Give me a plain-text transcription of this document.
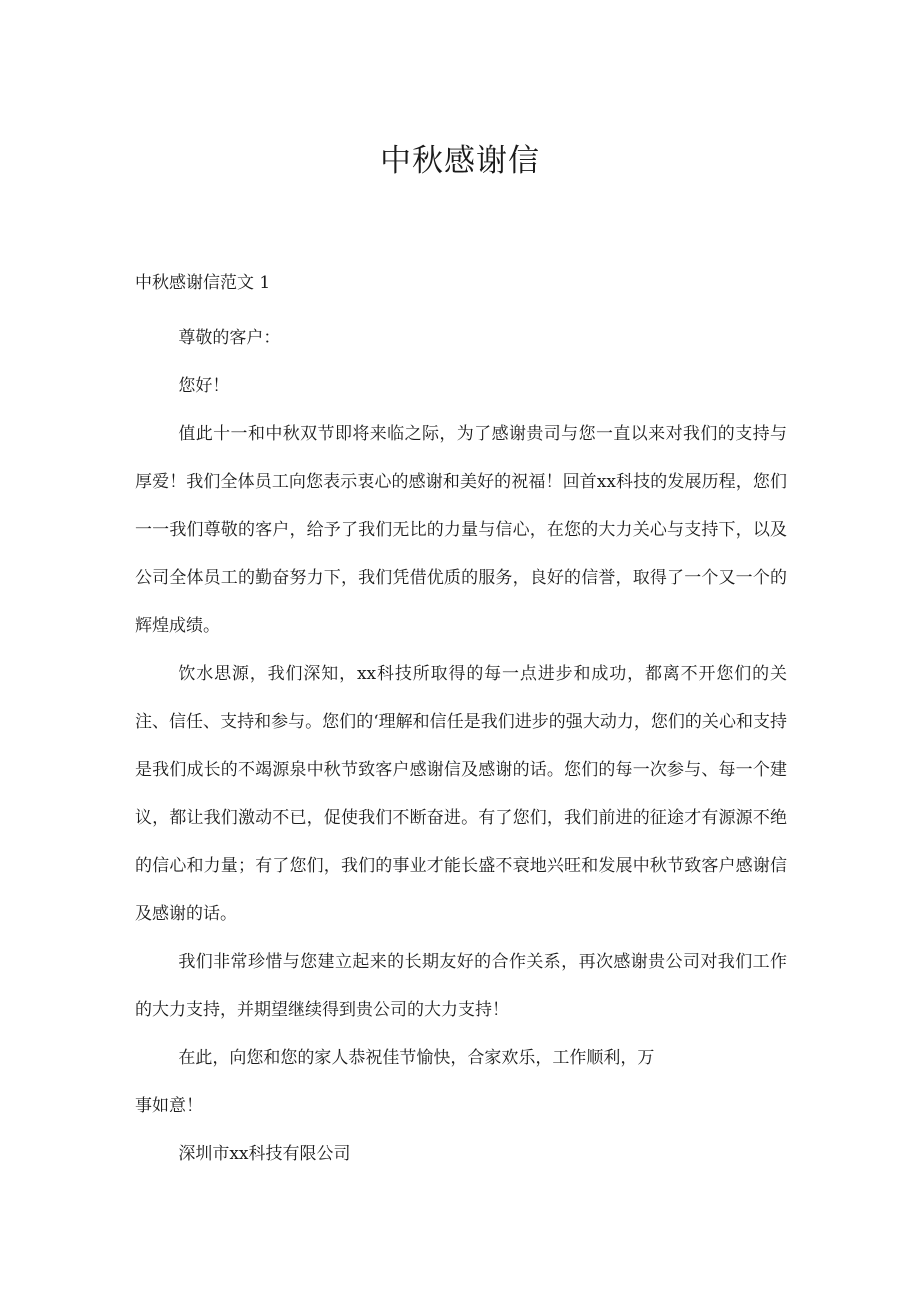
中秋感谢信

中秋感谢信范文 1

尊敬的客户：

您好！

值此十一和中秋双节即将来临之际，为了感谢贵司与您一直以来对我们的支持与厚爱！我们全体员工向您表示衷心的感谢和美好的祝福！回首xx科技的发展历程，您们一一我们尊敬的客户，给予了我们无比的力量与信心，在您的大力关心与支持下，以及公司全体员工的勤奋努力下，我们凭借优质的服务，良好的信誉，取得了一个又一个的辉煌成绩。

饮水思源，我们深知，xx科技所取得的每一点进步和成功，都离不开您们的关注、信任、支持和参与。您们的‘理解和信任是我们进步的强大动力，您们的关心和支持是我们成长的不竭源泉中秋节致客户感谢信及感谢的话。您们的每一次参与、每一个建议，都让我们激动不已，促使我们不断奋进。有了您们，我们前进的征途才有源源不绝的信心和力量；有了您们，我们的事业才能长盛不衰地兴旺和发展中秋节致客户感谢信及感谢的话。

我们非常珍惜与您建立起来的长期友好的合作关系，再次感谢贵公司对我们工作的大力支持，并期望继续得到贵公司的大力支持！

在此，向您和您的家人恭祝佳节愉快，合家欢乐，工作顺利，万

事如意！

深圳市xx科技有限公司
